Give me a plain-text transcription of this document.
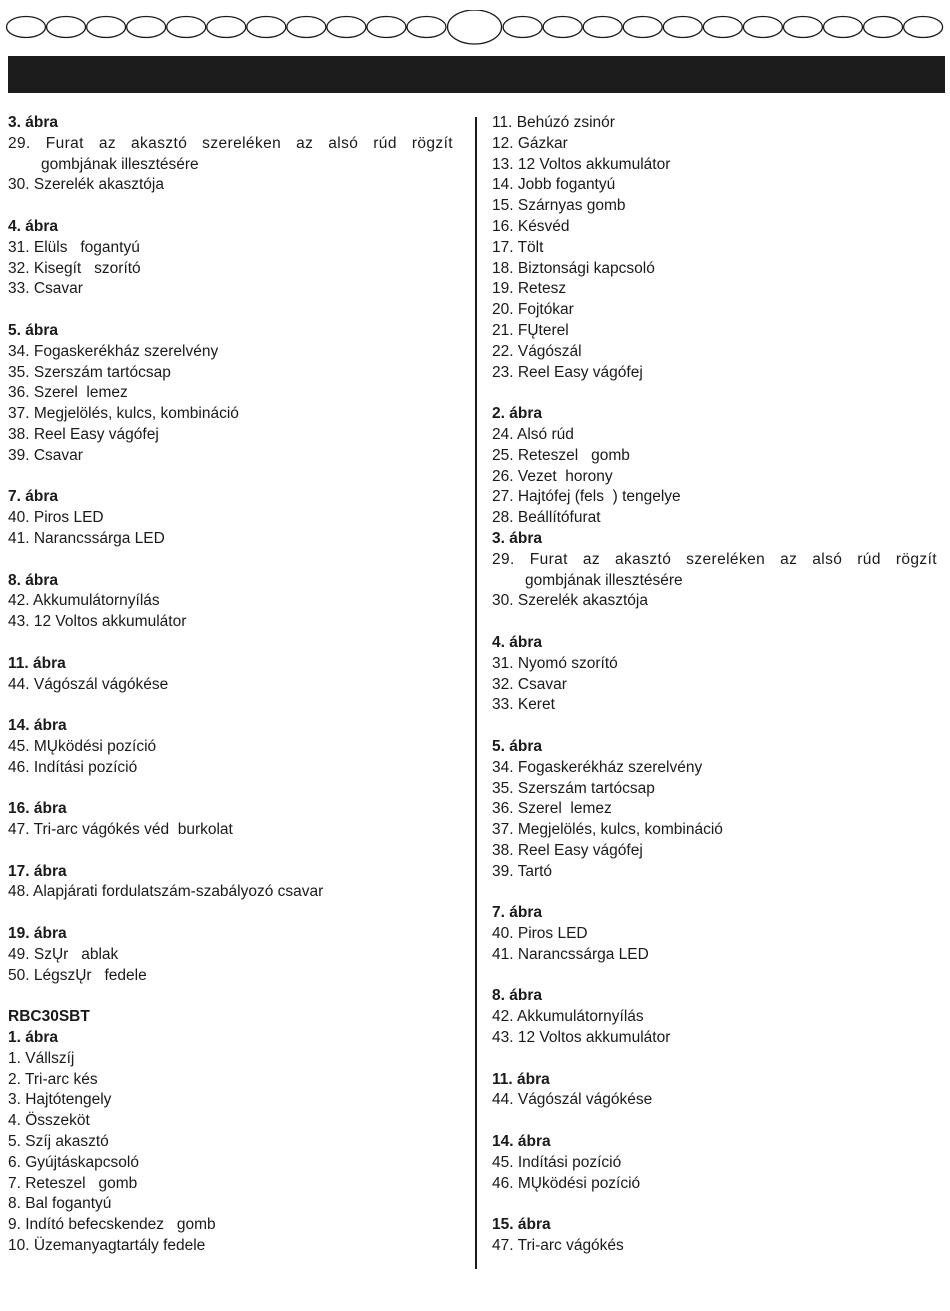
3. ábra
29. Furat az akasztó szereléken az alsó rúd rögzít
gombjának illesztésére
30. Szerelék akasztója
4. ábra
31. Elüls   fogantyú
32. Kisegít   szorító
33. Csavar
5. ábra
34. Fogaskerékház szerelvény
35. Szerszám tartócsap
36. Szerel  lemez
37. Megjelölés, kulcs, kombináció
38. Reel Easy vágófej
39. Csavar
7. ábra
40. Piros LED
41. Narancssárga LED
8. ábra
42. Akkumulátornyílás
43. 12 Voltos akkumulátor
11. ábra
44. Vágószál vágókése
14. ábra
45. MŲködési pozíció
46. Indítási pozíció
16. ábra
47. Tri-arc vágókés véd  burkolat
17. ábra
48. Alapjárati fordulatszám-szabályozó csavar
19. ábra
49. SzŲr   ablak
50. LégszŲr   fedele
RBC30SBT
1. ábra
1. Vállszíj
2. Tri-arc kés
3. Hajtótengely
4. Összeköt
5. Szíj akasztó
6. Gyújtáskapcsoló
7. Reteszel   gomb
8. Bal fogantyú
9. Indító befecskendez   gomb
10. Üzemanyagtartály fedele
11. Behúzó zsinór
12. Gázkar
13. 12 Voltos akkumulátor
14. Jobb fogantyú
15. Szárnyas gomb
16. Késvéd
17. Tölt
18. Biztonsági kapcsoló
19. Retesz
20. Fojtókar
21. FŲterel
22. Vágószál
23. Reel Easy vágófej
2. ábra
24. Alsó rúd
25. Reteszel   gomb
26. Vezet  horony
27. Hajtófej (fels  ) tengelye
28. Beállítófurat
3. ábra
29. Furat az akasztó szereléken az alsó rúd rögzít
gombjának illesztésére
30. Szerelék akasztója
4. ábra
31. Nyomó szorító
32. Csavar
33. Keret
5. ábra
34. Fogaskerékház szerelvény
35. Szerszám tartócsap
36. Szerel  lemez
37. Megjelölés, kulcs, kombináció
38. Reel Easy vágófej
39. Tartó
7. ábra
40. Piros LED
41. Narancssárga LED
8. ábra
42. Akkumulátornyílás
43. 12 Voltos akkumulátor
11. ábra
44. Vágószál vágókése
14. ábra
45. Indítási pozíció
46. MŲködési pozíció
15. ábra
47. Tri-arc vágókés
